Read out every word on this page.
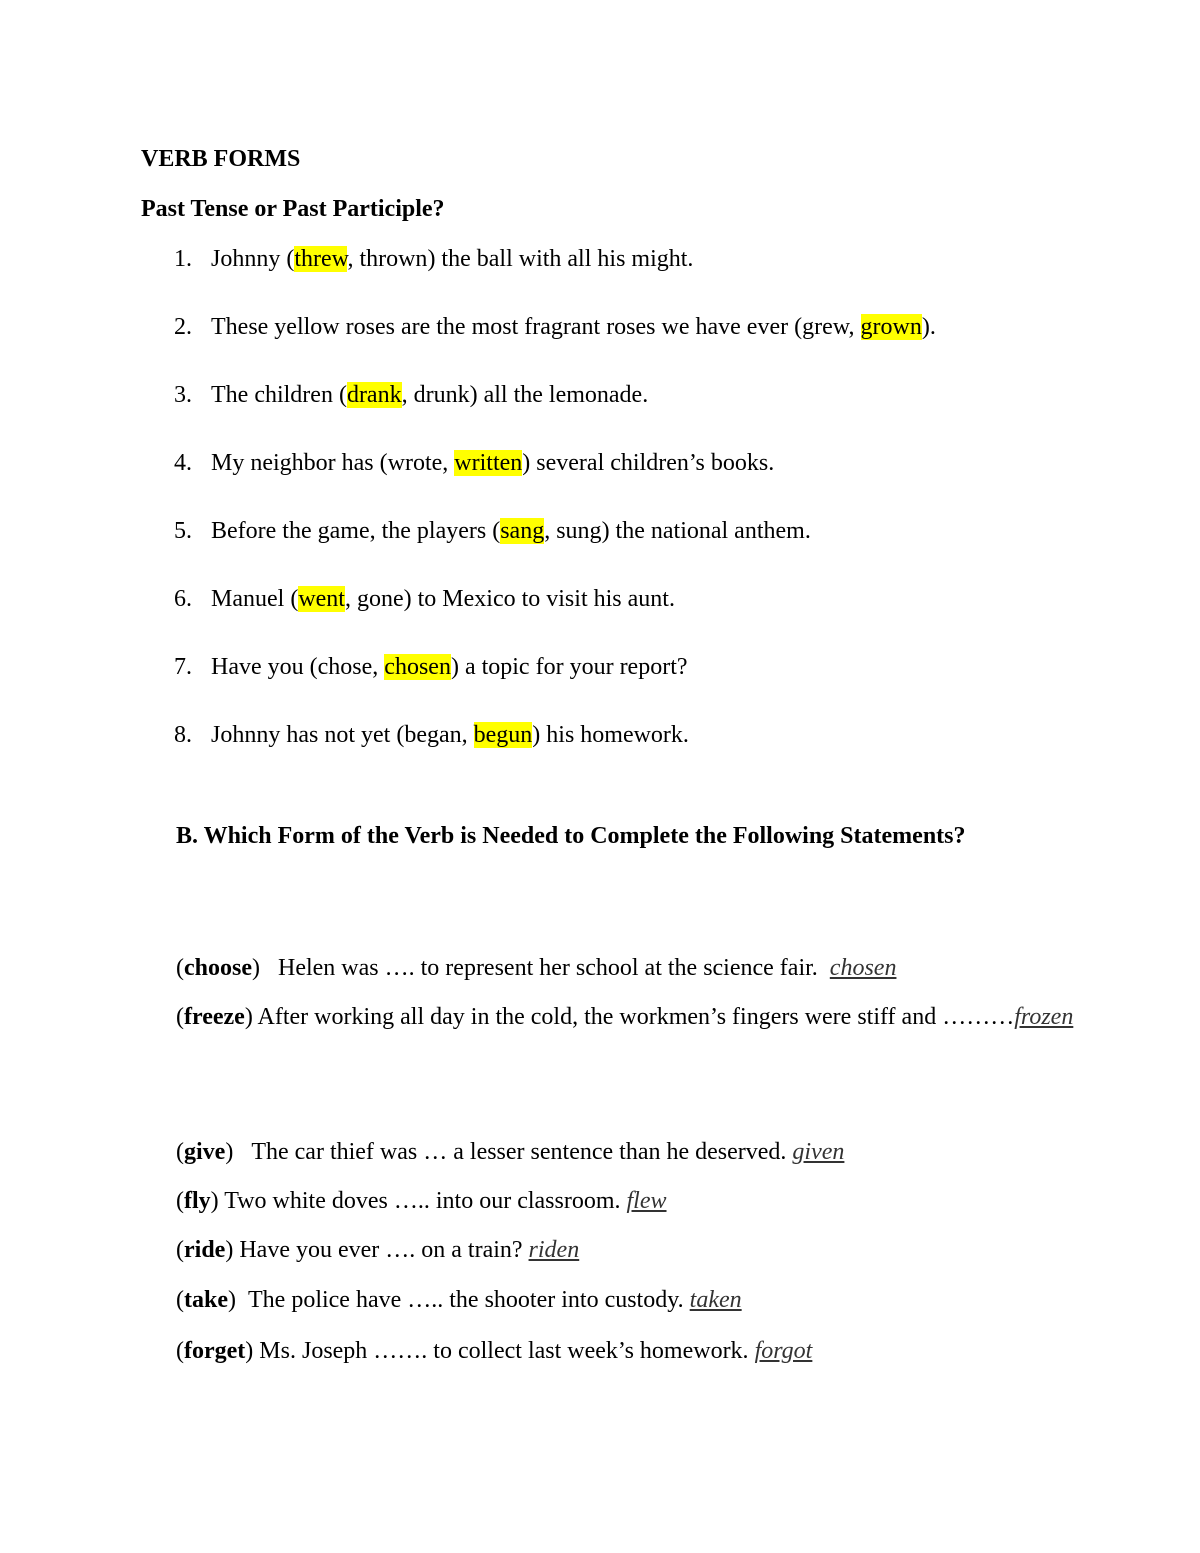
VERB FORMS
Past Tense or Past Participle?
1. Johnny (threw, thrown) the ball with all his might.
2. These yellow roses are the most fragrant roses we have ever (grew, grown).
3. The children (drank, drunk) all the lemonade.
4. My neighbor has (wrote, written) several children’s books.
5. Before the game, the players (sang, sung) the national anthem.
6. Manuel (went, gone) to Mexico to visit his aunt.
7. Have you (chose, chosen) a topic for your report?
8. Johnny has not yet (began, begun) his homework.
B. Which Form of the Verb is Needed to Complete the Following Statements?
(choose)   Helen was …. to represent her school at the science fair. chosen
(freeze) After working all day in the cold, the workmen’s fingers were stiff and ………frozen
(give)   The car thief was … a lesser sentence than he deserved. given
(fly) Two white doves ….. into our classroom. flew
(ride) Have you ever …. on a train? riden
(take)  The police have ….. the shooter into custody. taken
(forget) Ms. Joseph ……. to collect last week’s homework. forgot
